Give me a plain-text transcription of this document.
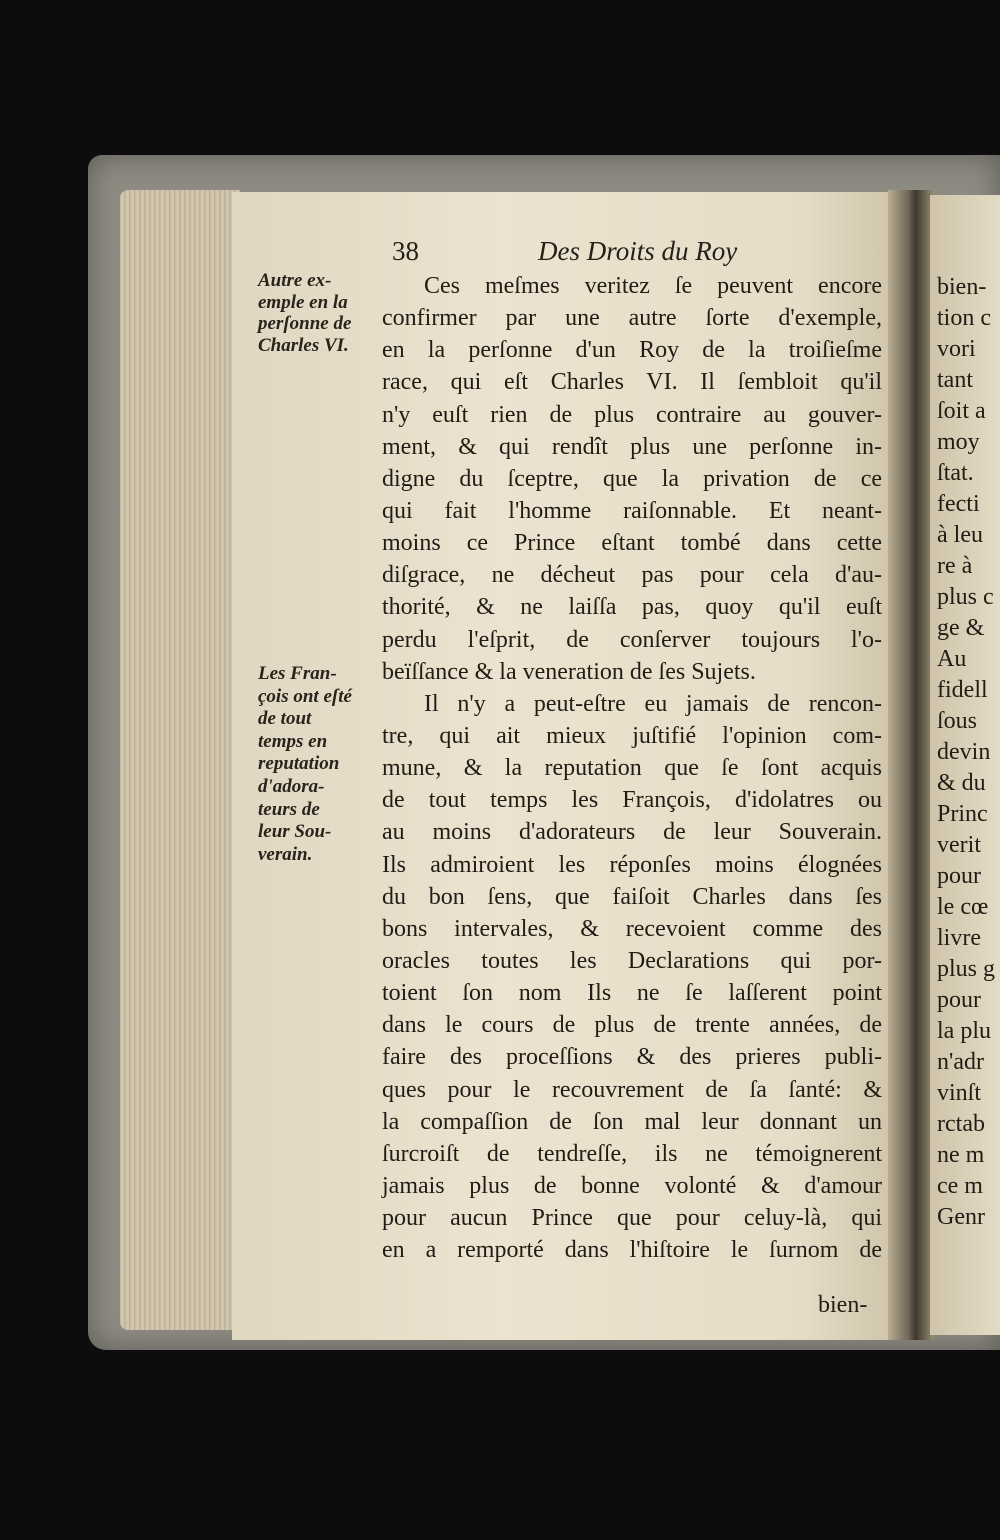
38	Des Droits du Roy
Autre ex-
emple en la
perſonne de
Charles VI.
Les Fran-
çois ont eſté
de tout
temps en
reputation
d'adora-
teurs de
leur Sou-
verain.
Ces meſmes veritez ſe peuvent encore
confirmer par une autre ſorte d'exemple,
en la perſonne d'un Roy de la troiſieſme
race, qui eſt Charles VI. Il ſembloit qu'il
n'y euſt rien de plus contraire au gouver-
ment, & qui rendît plus une perſonne in-
digne du ſceptre, que la privation de ce
qui fait l'homme raiſonnable. Et neant-
moins ce Prince eſtant tombé dans cette
diſgrace, ne décheut pas pour cela d'au-
thorité, & ne laiſſa pas, quoy qu'il euſt
perdu l'eſprit, de conſerver toujours l'o-
beïſſance & la veneration de ſes Sujets.
Il n'y a peut-eſtre eu jamais de rencon-
tre, qui ait mieux juſtifié l'opinion com-
mune, & la reputation que ſe ſont acquis
de tout temps les François, d'idolatres ou
au moins d'adorateurs de leur Souverain.
Ils admiroient les réponſes moins élognées
du bon ſens, que faiſoit Charles dans ſes
bons intervales, & recevoient comme des
oracles toutes les Declarations qui por-
toient ſon nom Ils ne ſe laſſerent point
dans le cours de plus de trente années, de
faire des proceſſions & des prieres publi-
ques pour le recouvrement de ſa ſanté: &
la compaſſion de ſon mal leur donnant un
ſurcroiſt de tendreſſe, ils ne témoignerent
jamais plus de bonne volonté & d'amour
pour aucun Prince que pour celuy-là, qui
en a remporté dans l'hiſtoire le ſurnom de
bien-
bien-
tion c
vori
tant
ſoit a
moy
ſtat.
fecti
à leu
re à
plus c
ge &
Au
fidell
ſous
devin
& du
Princ
verit
pour
le cœ
livre
plus g
pour
la plu
n'adr
vinſt
rctab
ne m
ce m
Genr
